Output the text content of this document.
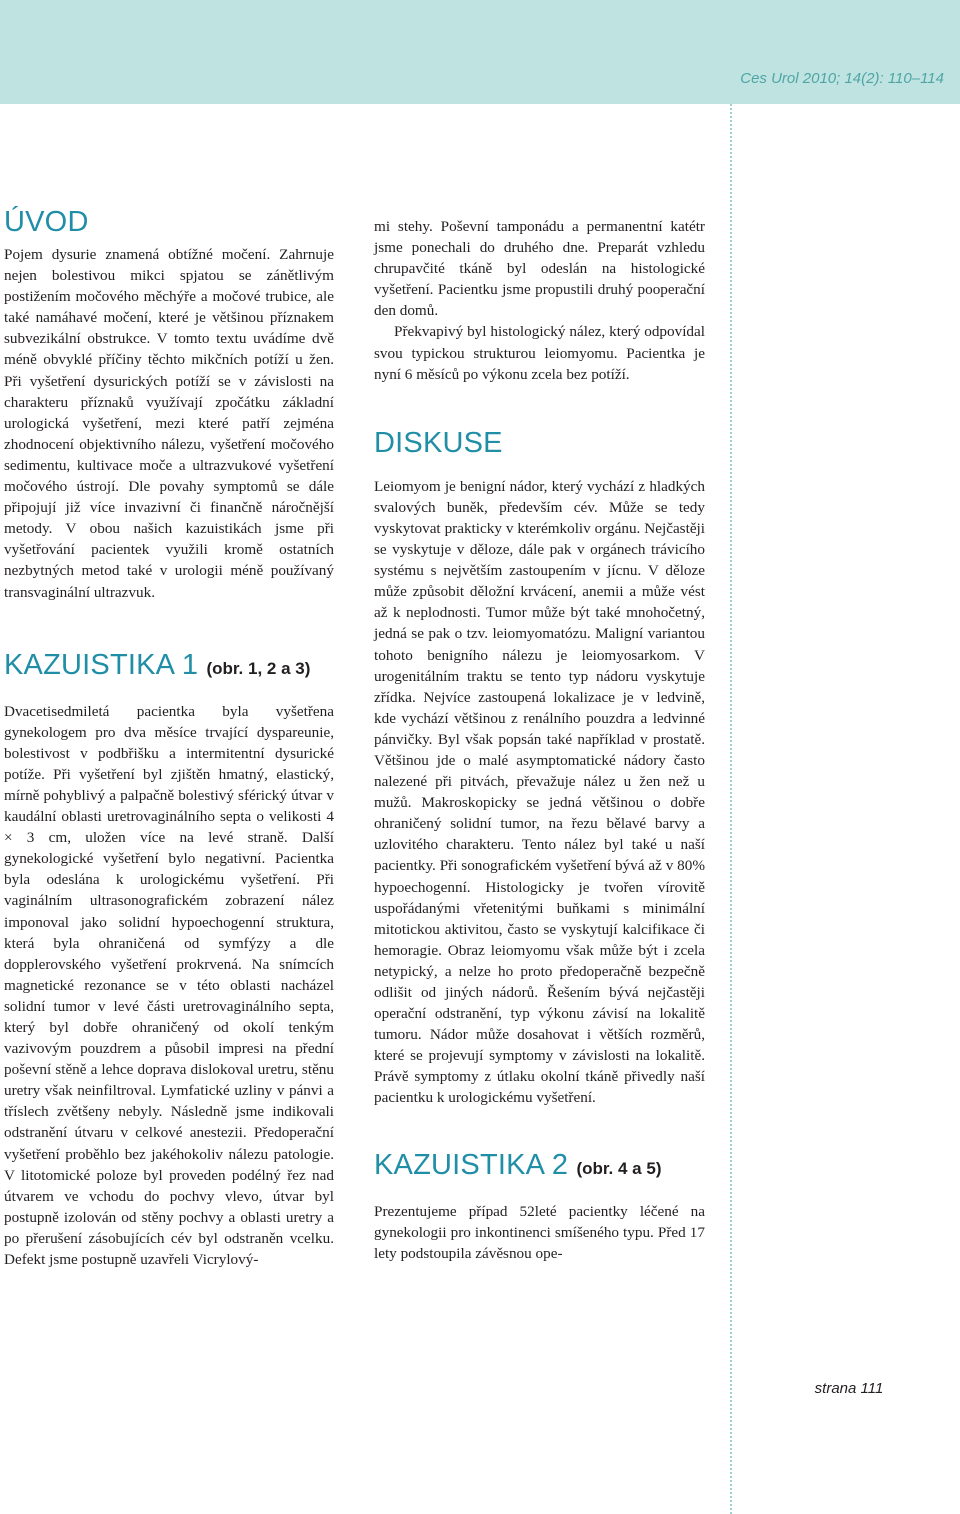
Ces Urol 2010; 14(2): 110–114
ÚVOD

Pojem dysurie znamená obtížné močení. Zahrnuje nejen bolestivou mikci spjatou se zánětlivým postižením močového měchýře a močové trubice, ale také namáhavé močení, které je většinou příznakem subvezikální obstrukce. V tomto textu uvádíme dvě méně obvyklé příčiny těchto mikčních potíží u žen. Při vyšetření dysurických potíží se v závislosti na charakteru příznaků využívají zpočátku základní urologická vyšetření, mezi které patří zejména zhodnocení objektivního nálezu, vyšetření močového sedimentu, kultivace moče a ultrazvukové vyšetření močového ústrojí. Dle povahy symptomů se dále připojují již více invazivní či finančně náročnější metody. V obou našich kazuistikách jsme při vyšetřování pacientek využili kromě ostatních nezbytných metod také v urologii méně používaný transvaginální ultrazvuk.

KAZUISTIKA 1 (obr. 1, 2 a 3)

Dvacetisedmiletá pacientka byla vyšetřena gynekologem pro dva měsíce trvající dyspareunie, bolestivost v podbřišku a intermitentní dysurické potíže. Při vyšetření byl zjištěn hmatný, elastický, mírně pohyblivý a palpačně bolestivý sférický útvar v kaudální oblasti uretrovaginálního septa o velikosti 4 × 3 cm, uložen více na levé straně. Další gynekologické vyšetření bylo negativní. Pacientka byla odeslána k urologickému vyšetření. Při vaginálním ultrasonografickém zobrazení nález imponoval jako solidní hypoechogenní struktura, která byla ohraničená od symfýzy a dle dopplerovského vyšetření prokrvená. Na snímcích magnetické rezonance se v této oblasti nacházel solidní tumor v levé části uretrovaginálního septa, který byl dobře ohraničený od okolí tenkým vazivovým pouzdrem a působil impresi na přední poševní stěně a lehce doprava dislokoval uretru, stěnu uretry však neinfiltroval. Lymfatické uzliny v pánvi a tříslech zvětšeny nebyly. Následně jsme indikovali odstranění útvaru v celkové anestezii. Předoperační vyšetření proběhlo bez jakéhokoliv nálezu patologie. V litotomické poloze byl proveden podélný řez nad útvarem ve vchodu do pochvy vlevo, útvar byl postupně izolován od stěny pochvy a oblasti uretry a po přerušení zásobujících cév byl odstraněn vcelku. Defekt jsme postupně uzavřeli Vicrylový-

mi stehy. Poševní tamponádu a permanentní katétr jsme ponechali do druhého dne. Preparát vzhledu chrupavčité tkáně byl odeslán na histologické vyšetření. Pacientku jsme propustili druhý pooperační den domů.

Překvapivý byl histologický nález, který odpovídal svou typickou strukturou leiomyomu. Pacientka je nyní 6 měsíců po výkonu zcela bez potíží.

DISKUSE

Leiomyom je benigní nádor, který vychází z hladkých svalových buněk, především cév. Může se tedy vyskytovat prakticky v kterémkoliv orgánu. Nejčastěji se vyskytuje v děloze, dále pak v orgánech trávicího systému s největším zastoupením v jícnu. V děloze může způsobit děložní krvácení, anemii a může vést až k neplodnosti. Tumor může být také mnohočetný, jedná se pak o tzv. leiomyomatózu. Maligní variantou tohoto benigního nálezu je leiomyosarkom. V urogenitálním traktu se tento typ nádoru vyskytuje zřídka. Nejvíce zastoupená lokalizace je v ledvině, kde vychází většinou z renálního pouzdra a ledvinné pánvičky. Byl však popsán také například v prostatě. Většinou jde o malé asymptomatické nádory často nalezené při pitvách, převažuje nález u žen než u mužů. Makroskopicky se jedná většinou o dobře ohraničený solidní tumor, na řezu bělavé barvy a uzlovitého charakteru. Tento nález byl také u naší pacientky. Při sonografickém vyšetření bývá až v 80% hypoechogenní. Histologicky je tvořen vírovitě uspořádanými vřetenitými buňkami s minimální mitotickou aktivitou, často se vyskytují kalcifikace či hemoragie. Obraz leiomyomu však může být i zcela netypický, a nelze ho proto předoperačně bezpečně odlišit od jiných nádorů. Řešením bývá nejčastěji operační odstranění, typ výkonu závisí na lokalitě tumoru. Nádor může dosahovat i větších rozměrů, které se projevují symptomy v závislosti na lokalitě. Právě symptomy z útlaku okolní tkáně přivedly naší pacientku k urologickému vyšetření.

KAZUISTIKA 2 (obr. 4 a 5)

Prezentujeme případ 52leté pacientky léčené na gynekologii pro inkontinenci smíšeného typu. Před 17 lety podstoupila závěsnou ope-

strana 111
